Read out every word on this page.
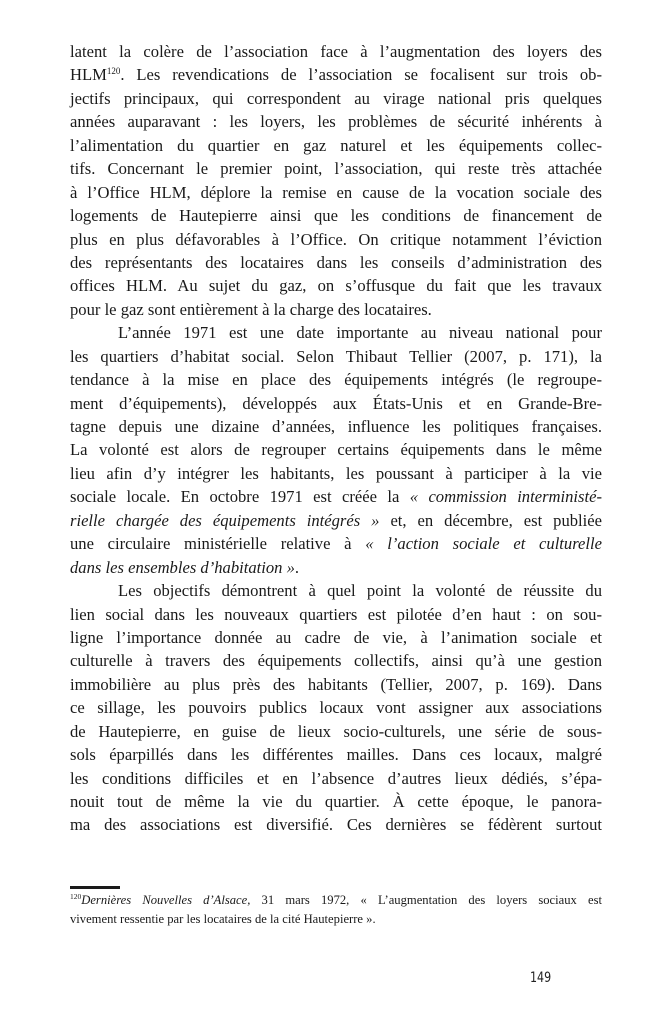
latent la colère de l’association face à l’augmentation des loyers des
HLM$^{120}$. Les revendications de l’association se focalisent sur trois ob-
jectifs principaux, qui correspondent au virage national pris quelques
années auparavant : les loyers, les problèmes de sécurité inhérents à
l’alimentation du quartier en gaz naturel et les équipements collec-
tifs. Concernant le premier point, l’association, qui reste très attachée
à l’Office HLM, déplore la remise en cause de la vocation sociale des
logements de Hautepierre ainsi que les conditions de financement de
plus en plus défavorables à l’Office. On critique notamment l’éviction
des représentants des locataires dans les conseils d’administration des
offices HLM. Au sujet du gaz, on s’offusque du fait que les travaux
pour le gaz sont entièrement à la charge des locataires.
L’année 1971 est une date importante au niveau national pour
les quartiers d’habitat social. Selon Thibaut Tellier (2007, p. 171), la
tendance à la mise en place des équipements intégrés (le regroupe-
ment d’équipements), développés aux États-Unis et en Grande-Bre-
tagne depuis une dizaine d’années, influence les politiques françaises.
La volonté est alors de regrouper certains équipements dans le même
lieu afin d’y intégrer les habitants, les poussant à participer à la vie
sociale locale. En octobre 1971 est créée la « commission interministé-
rielle chargée des équipements intégrés » et, en décembre, est publiée
une circulaire ministérielle relative à « l’action sociale et culturelle
dans les ensembles d’habitation ».
Les objectifs démontrent à quel point la volonté de réussite du
lien social dans les nouveaux quartiers est pilotée d’en haut : on sou-
ligne l’importance donnée au cadre de vie, à l’animation sociale et
culturelle à travers des équipements collectifs, ainsi qu’à une gestion
immobilière au plus près des habitants (Tellier, 2007, p. 169). Dans
ce sillage, les pouvoirs publics locaux vont assigner aux associations
de Hautepierre, en guise de lieux socio-culturels, une série de sous-
sols éparpillés dans les différentes mailles. Dans ces locaux, malgré
les conditions difficiles et en l’absence d’autres lieux dédiés, s’épa-
nouit tout de même la vie du quartier. À cette époque, le panora-
ma des associations est diversifié. Ces dernières se fédèrent surtout
$^{120}$Dernières Nouvelles d’Alsace, 31 mars 1972, « L’augmentation des loyers sociaux est
vivement ressentie par les locataires de la cité Hautepierre ».
149
